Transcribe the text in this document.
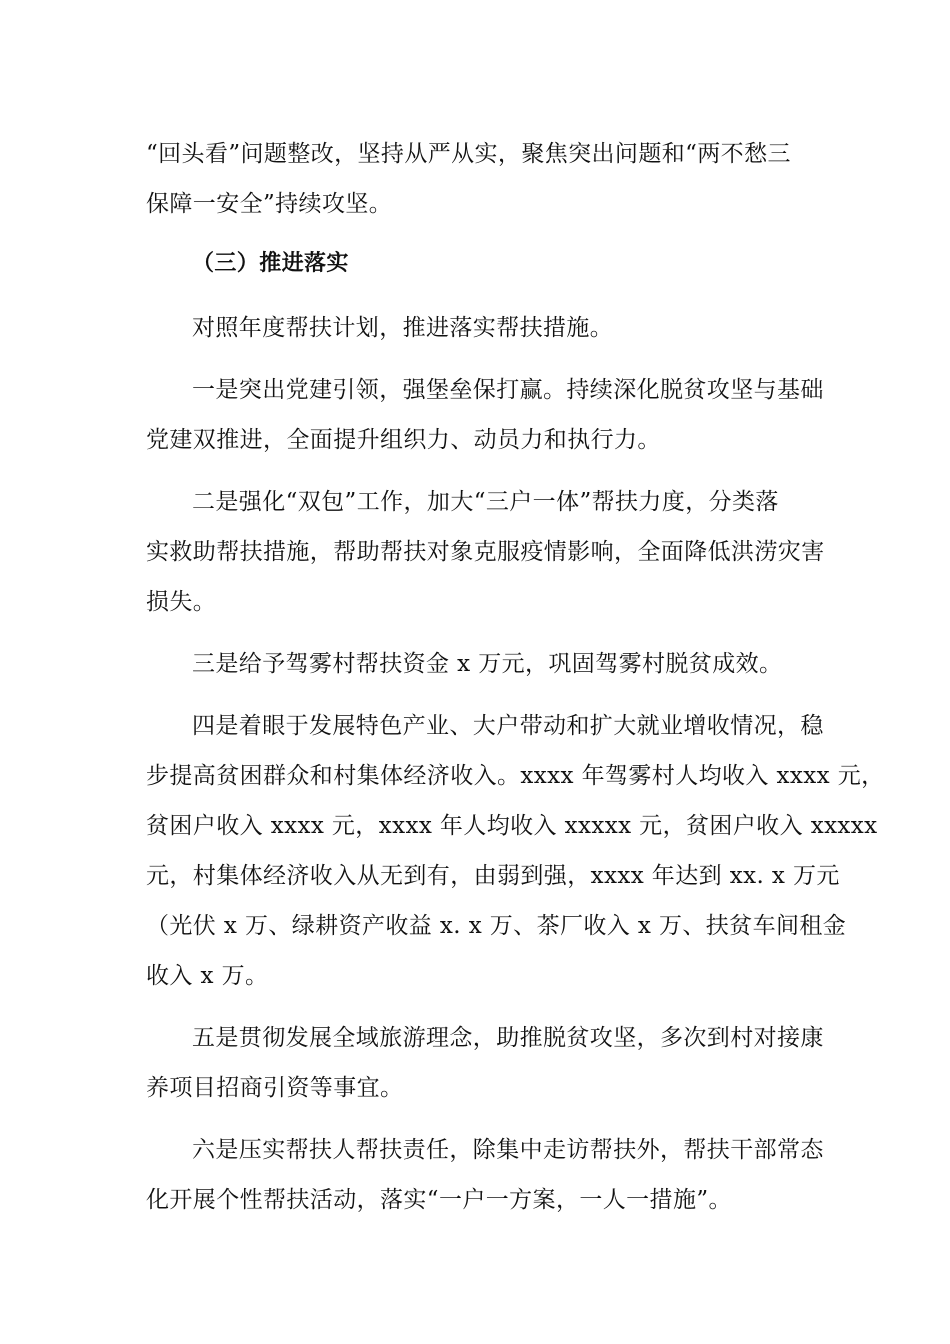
“回头看”问题整改，坚持从严从实，聚焦突出问题和“两不愁三
保障一安全”持续攻坚。
（三）推进落实
对照年度帮扶计划，推进落实帮扶措施。
一是突出党建引领，强堡垒保打赢。持续深化脱贫攻坚与基础
党建双推进，全面提升组织力、动员力和执行力。
二是强化“双包”工作，加大“三户一体”帮扶力度，分类落
实救助帮扶措施，帮助帮扶对象克服疫情影响，全面降低洪涝灾害
损失。
三是给予驾雾村帮扶资金 x 万元，巩固驾雾村脱贫成效。
四是着眼于发展特色产业、大户带动和扩大就业增收情况，稳
步提高贫困群众和村集体经济收入。xxxx 年驾雾村人均收入 xxxx 元，
贫困户收入 xxxx 元，xxxx 年人均收入 xxxxx 元，贫困户收入 xxxxx
元，村集体经济收入从无到有，由弱到强，xxxx 年达到 xx. x 万元
（光伏 x 万、绿耕资产收益 x. x 万、茶厂收入 x 万、扶贫车间租金
收入 x 万。
五是贯彻发展全域旅游理念，助推脱贫攻坚，多次到村对接康
养项目招商引资等事宜。
六是压实帮扶人帮扶责任，除集中走访帮扶外，帮扶干部常态
化开展个性帮扶活动，落实“一户一方案，一人一措施”。
